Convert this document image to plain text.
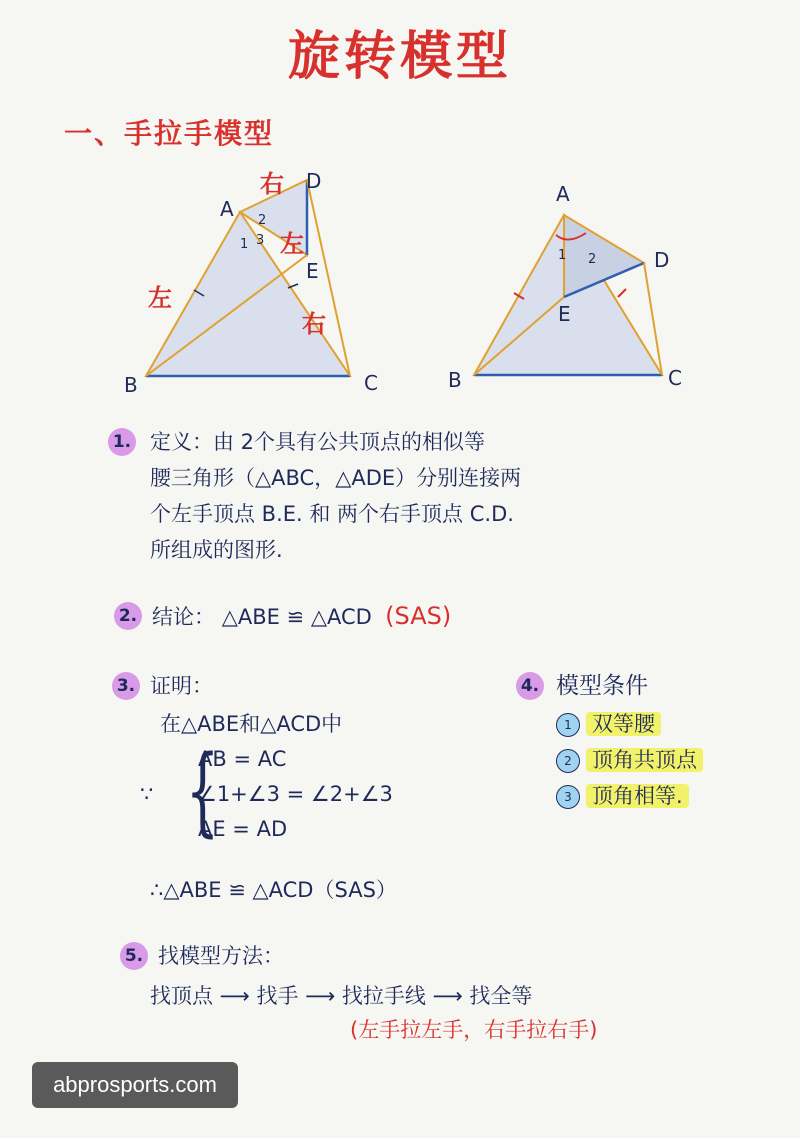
旋转模型
一、手拉手模型
A
B	C
D
E
1
2
3
左
右
左
右
A
B	C
D
E
1 2
1. 定义：由 2个具有公共顶点的相似等
腰三角形（△ABC，△ADE）分别连接两
个左手顶点 B.E. 和 两个右手顶点 C.D.
所组成的图形.
2. 结论： △ABE ≌ △ACD (SAS)
3. 证明：
在△ABE和△ACD中
∵ {
AB = AC
∠1+∠3 = ∠2+∠3
AE = AD
∴△ABE ≌ △ACD（SAS）
4. 模型条件
1 双等腰
2 顶角共顶点
3 顶角相等.
5. 找模型方法：
找顶点 ⟶ 找手 ⟶ 找拉手线 ⟶ 找全等
(左手拉左手，右手拉右手)
abprosports.com
